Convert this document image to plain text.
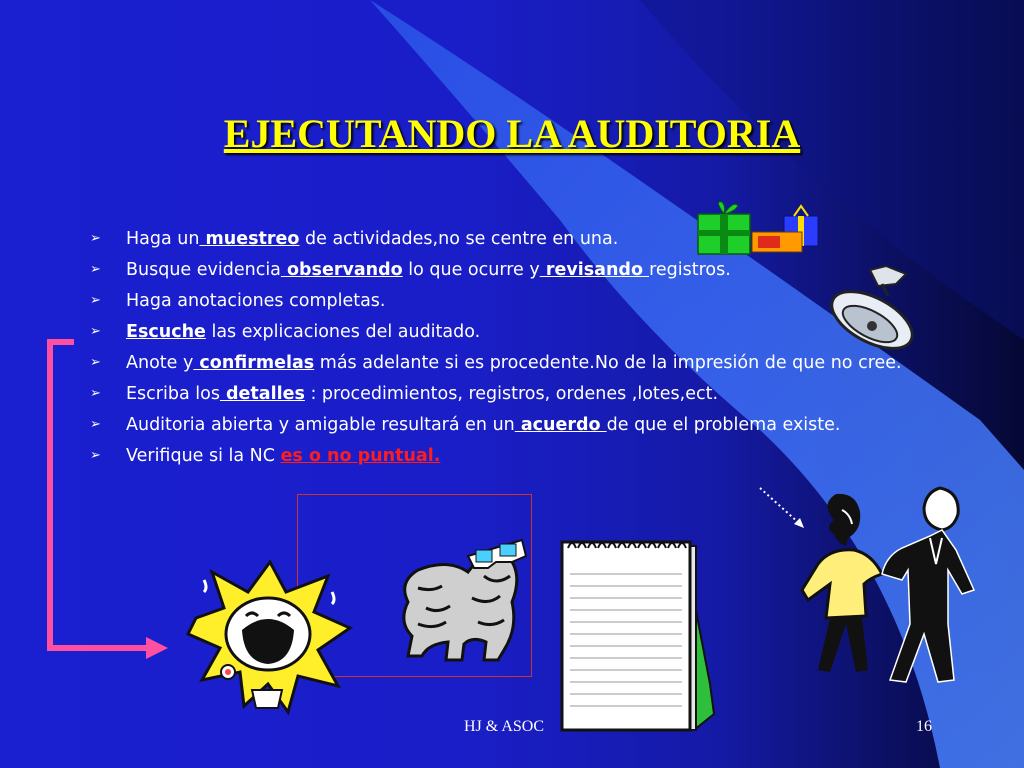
EJECUTANDO LA AUDITORIA
➢ Haga un muestreo de actividades,no se centre en una.
➢ Busque evidencia observando lo que ocurre y revisando registros.
➢ Haga anotaciones completas.
➢ Escuche las explicaciones del auditado.
➢ Anote y confirmelas más adelante si es procedente.No de la impresión de que no cree.
➢ Escriba los detalles : procedimientos, registros, ordenes ,lotes,ect.
➢ Auditoria abierta y amigable resultará en un acuerdo de que el problema existe.
➢ Verifique si la NC es o no puntual.
HJ & ASOC	16
